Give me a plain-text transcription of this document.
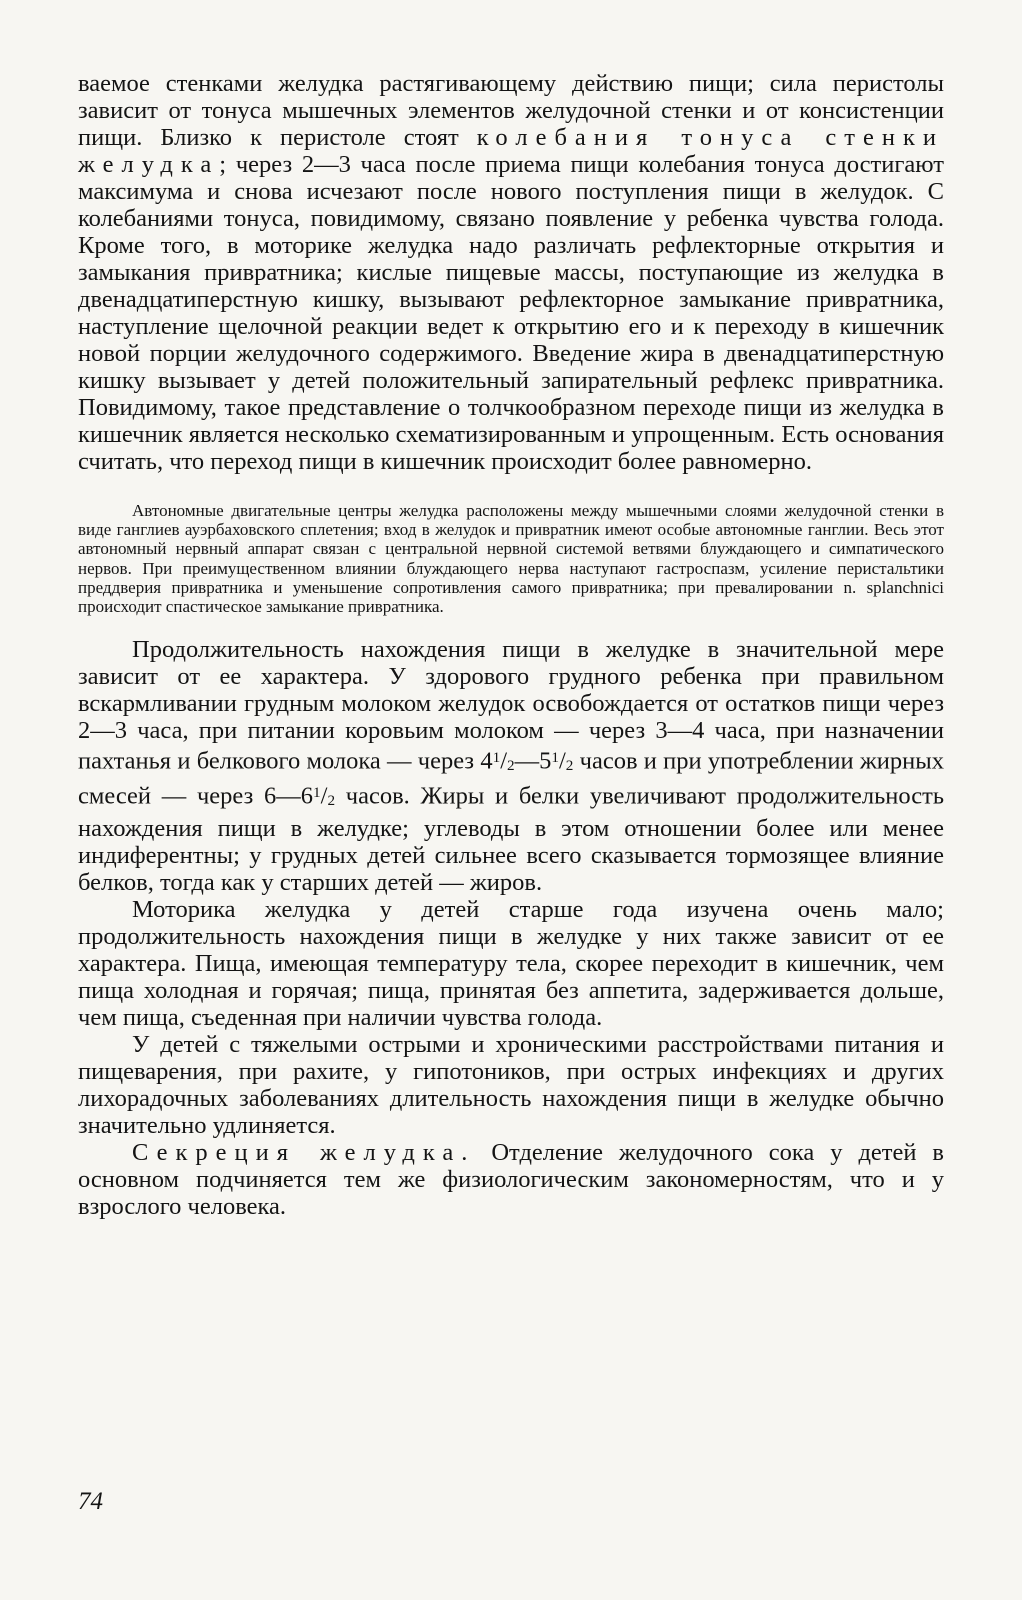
ваемое стенками желудка растягивающему действию пищи; сила перистолы зависит от тонуса мышечных элементов желудочной стенки и от консистенции пищи. Близко к перистоле стоят колебания тонуса стенки желудка; через 2—3 часа после приема пищи колебания тонуса достигают максимума и снова исчезают после нового поступления пищи в желудок. С колебаниями тонуса, повидимому, связано появление у ребенка чувства голода. Кроме того, в моторике желудка надо различать рефлекторные открытия и замыкания привратника; кислые пищевые массы, поступающие из желудка в двенадцатиперстную кишку, вызывают рефлекторное замыкание привратника, наступление щелочной реакции ведет к открытию его и к переходу в кишечник новой порции желудочного содержимого. Введение жира в двенадцатиперстную кишку вызывает у детей положительный запирательный рефлекс привратника. Повидимому, такое представление о толчкообразном переходе пищи из желудка в кишечник является несколько схематизированным и упрощенным. Есть основания считать, что переход пищи в кишечник происходит более равномерно.

Автономные двигательные центры желудка расположены между мышечными слоями желудочной стенки в виде ганглиев ауэрбаховского сплетения; вход в желудок и привратник имеют особые автономные ганглии. Весь этот автономный нервный аппарат связан с центральной нервной системой ветвями блуждающего и симпатического нервов. При преимущественном влиянии блуждающего нерва наступают гастроспазм, усиление перистальтики преддверия привратника и уменьшение сопротивления самого привратника; при превалировании n. splanchnici происходит спастическое замыкание привратника.

Продолжительность нахождения пищи в желудке в значительной мере зависит от ее характера. У здорового грудного ребенка при правильном вскармливании грудным молоком желудок освобождается от остатков пищи через 2—3 часа, при питании коровьим молоком — через 3—4 часа, при назначении пахтанья и белкового молока — через $4^1/2—5^1/2$ часов и при употреблении жирных смесей — через $6—6^1/2$ часов. Жиры и белки увеличивают продолжительность нахождения пищи в желудке; углеводы в этом отношении более или менее индиферентны; у грудных детей сильнее всего сказывается тормозящее влияние белков, тогда как у старших детей — жиров.

Моторика желудка у детей старше года изучена очень мало; продолжительность нахождения пищи в желудке у них также зависит от ее характера. Пища, имеющая температуру тела, скорее переходит в кишечник, чем пища холодная и горячая; пища, принятая без аппетита, задерживается дольше, чем пища, съеденная при наличии чувства голода.

У детей с тяжелыми острыми и хроническими расстройствами питания и пищеварения, при рахите, у гипотоников, при острых инфекциях и других лихорадочных заболеваниях длительность нахождения пищи в желудке обычно значительно удлиняется.

Секреция желудка. Отделение желудочного сока у детей в основном подчиняется тем же физиологическим закономерностям, что и у взрослого человека.

74
